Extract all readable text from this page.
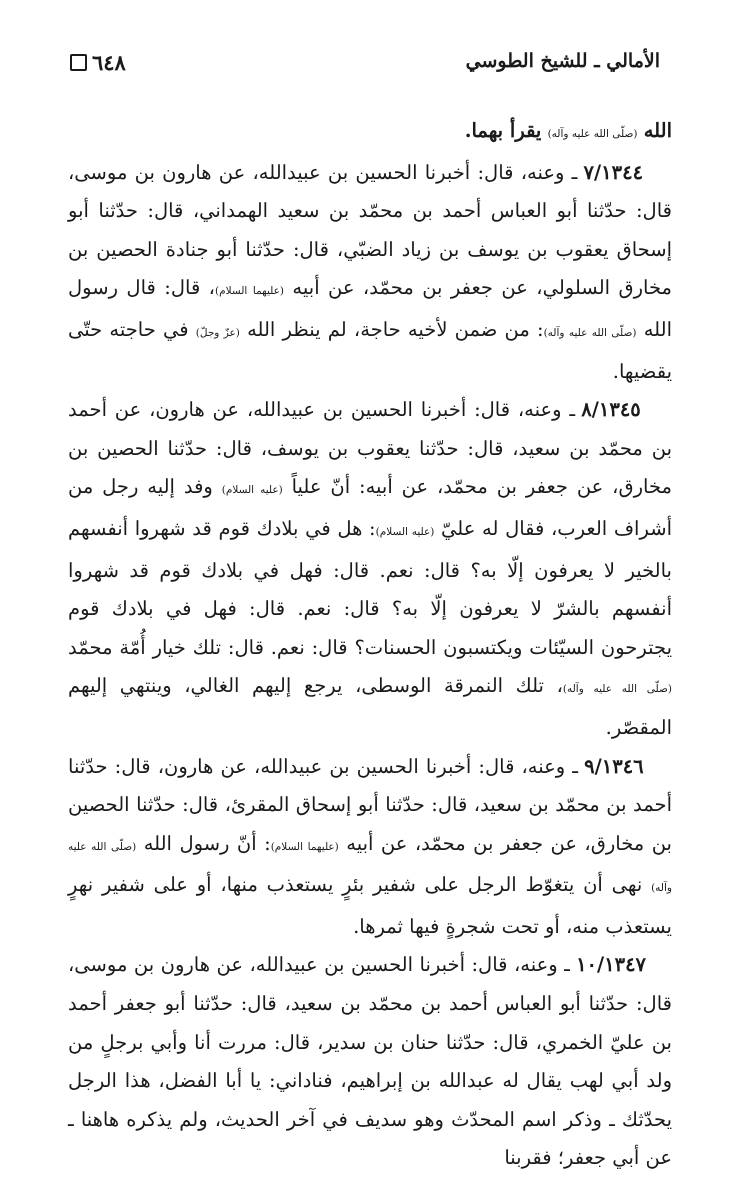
٦٤٨	الأمالي ـ للشيخ الطوسي

الله (صلّى الله عليه وآله) يقرأ بهما.

٧/١٣٤٤ ـ وعنه، قال: أخبرنا الحسين بن عبيدالله، عن هارون بن موسى، قال: حدّثنا أبو العباس أحمد بن محمّد بن سعيد الهمداني، قال: حدّثنا أبو إسحاق يعقوب بن يوسف بن زياد الضبّي، قال: حدّثنا أبو جنادة الحصين بن مخارق السلولي، عن جعفر بن محمّد، عن أبيه (عليهما السلام)، قال: قال رسول الله (صلّى الله عليه وآله): من ضمن لأخيه حاجة، لم ينظر الله (عزّ وجلّ) في حاجته حتّى يقضيها.

٨/١٣٤٥ ـ وعنه، قال: أخبرنا الحسين بن عبيدالله، عن هارون، عن أحمد بن محمّد بن سعيد، قال: حدّثنا يعقوب بن يوسف، قال: حدّثنا الحصين بن مخارق، عن جعفر بن محمّد، عن أبيه: أنّ علياً (عليه السلام) وفد إليه رجل من أشراف العرب، فقال له عليّ (عليه السلام): هل في بلادك قوم قد شهروا أنفسهم بالخير لا يعرفون إلّا به؟ قال: نعم. قال: فهل في بلادك قوم قد شهروا أنفسهم بالشرّ لا يعرفون إلّا به؟ قال: نعم. قال: فهل في بلادك قوم يجترحون السيّئات ويكتسبون الحسنات؟ قال: نعم. قال: تلك خيار أُمّة محمّد (صلّى الله عليه وآله)، تلك النمرقة الوسطى، يرجع إليهم الغالي، وينتهي إليهم المقصّر.

٩/١٣٤٦ ـ وعنه، قال: أخبرنا الحسين بن عبيدالله، عن هارون، قال: حدّثنا أحمد بن محمّد بن سعيد، قال: حدّثنا أبو إسحاق المقرئ، قال: حدّثنا الحصين بن مخارق، عن جعفر بن محمّد، عن أبيه (عليهما السلام): أنّ رسول الله (صلّى الله عليه وآله) نهى أن يتغوّط الرجل على شفير بئرٍ يستعذب منها، أو على شفير نهرٍ يستعذب منه، أو تحت شجرةٍ فيها ثمرها.

١٠/١٣٤٧ ـ وعنه، قال: أخبرنا الحسين بن عبيدالله، عن هارون بن موسى، قال: حدّثنا أبو العباس أحمد بن محمّد بن سعيد، قال: حدّثنا أبو جعفر أحمد بن عليّ الخمري، قال: حدّثنا حنان بن سدير، قال: مررت أنا وأبي برجلٍ من ولد أبي لهب يقال له عبدالله بن إبراهيم، فناداني: يا أبا الفضل، هذا الرجل يحدّثك ـ وذكر اسم المحدّث وهو سديف في آخر الحديث، ولم يذكره هاهنا ـ عن أبي جعفر؛ فقربنا
